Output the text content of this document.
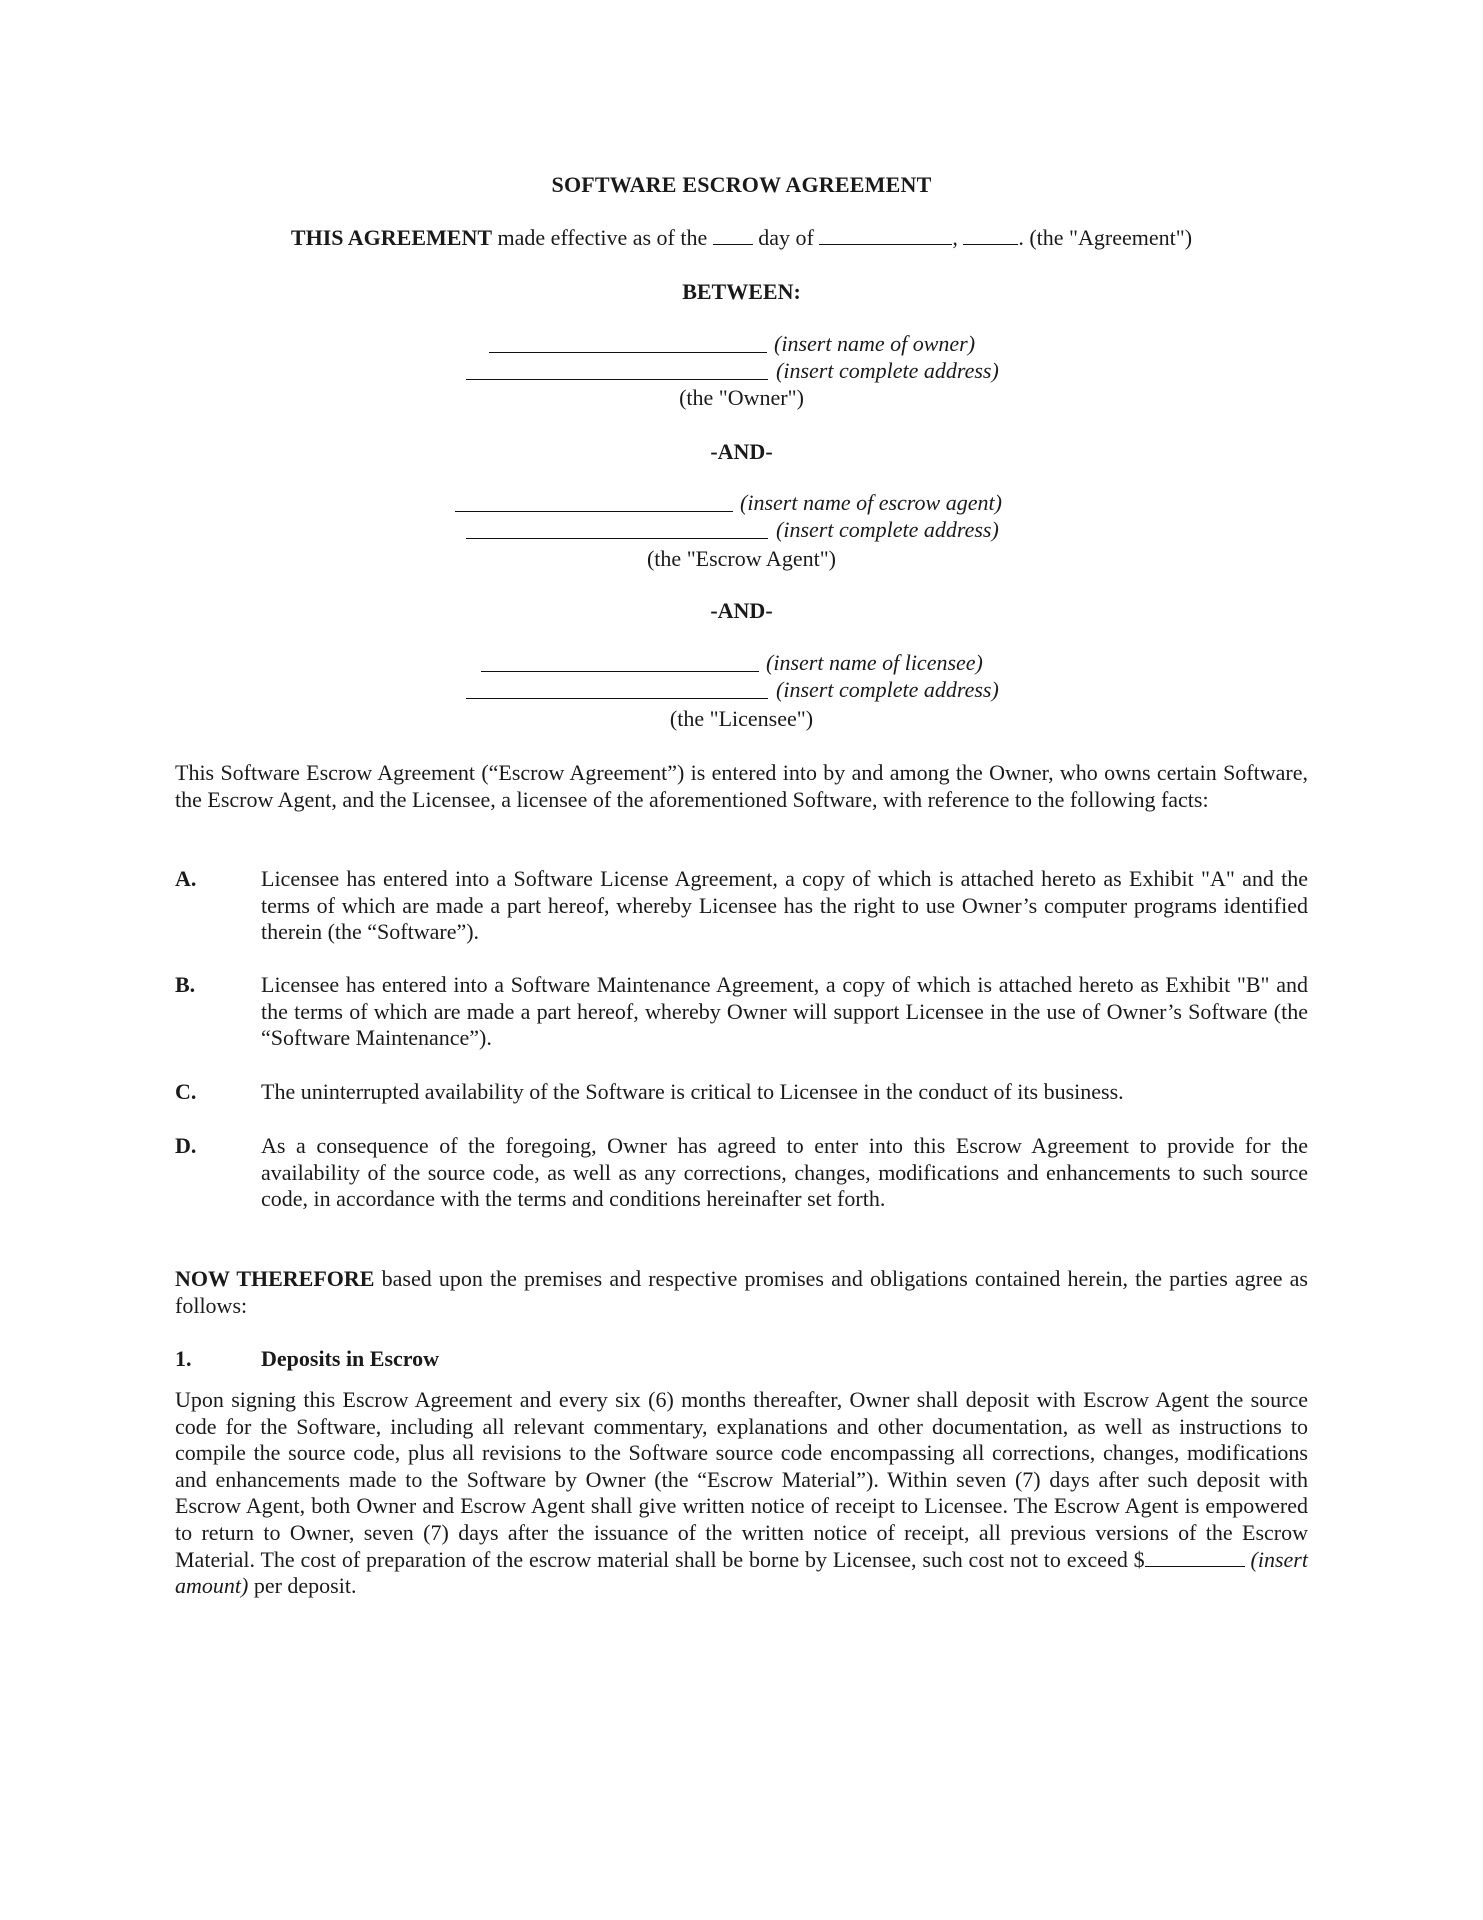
SOFTWARE ESCROW AGREEMENT
THIS AGREEMENT made effective as of the  day of	,	. (the "Agreement")
BETWEEN:
(insert name of owner)
(insert complete address)
(the "Owner")
-AND-
(insert name of escrow agent)
(insert complete address)
(the "Escrow Agent")
-AND-
(insert name of licensee)
(insert complete address)
(the "Licensee")
This Software Escrow Agreement (“Escrow Agreement”) is entered into by and among the Owner, who owns certain Software, the Escrow Agent, and the Licensee, a licensee of the aforementioned Software, with reference to the following facts:
A.	Licensee has entered into a Software License Agreement, a copy of which is attached hereto as Exhibit "A" and the terms of which are made a part hereof, whereby Licensee has the right to use Owner’s computer programs identified therein (the “Software”).
B.	Licensee has entered into a Software Maintenance Agreement, a copy of which is attached hereto as Exhibit "B" and the terms of which are made a part hereof, whereby Owner will support Licensee in the use of Owner’s Software (the “Software Maintenance”).
C.	The uninterrupted availability of the Software is critical to Licensee in the conduct of its business.
D.	As a consequence of the foregoing, Owner has agreed to enter into this Escrow Agreement to provide for the availability of the source code, as well as any corrections, changes, modifications and enhancements to such source code, in accordance with the terms and conditions hereinafter set forth.
NOW THEREFORE based upon the premises and respective promises and obligations contained herein, the parties agree as follows:
1.	Deposits in Escrow
Upon signing this Escrow Agreement and every six (6) months thereafter, Owner shall deposit with Escrow Agent the source code for the Software, including all relevant commentary, explanations and other documentation, as well as instructions to compile the source code, plus all revisions to the Software source code encompassing all corrections, changes, modifications and enhancements made to the Software by Owner (the “Escrow Material”). Within seven (7) days after such deposit with Escrow Agent, both Owner and Escrow Agent shall give written notice of receipt to Licensee. The Escrow Agent is empowered to return to Owner, seven (7) days after the issuance of the written notice of receipt, all previous versions of the Escrow Material. The cost of preparation of the escrow material shall be borne by Licensee, such cost not to exceed $	(insert amount) per deposit.
